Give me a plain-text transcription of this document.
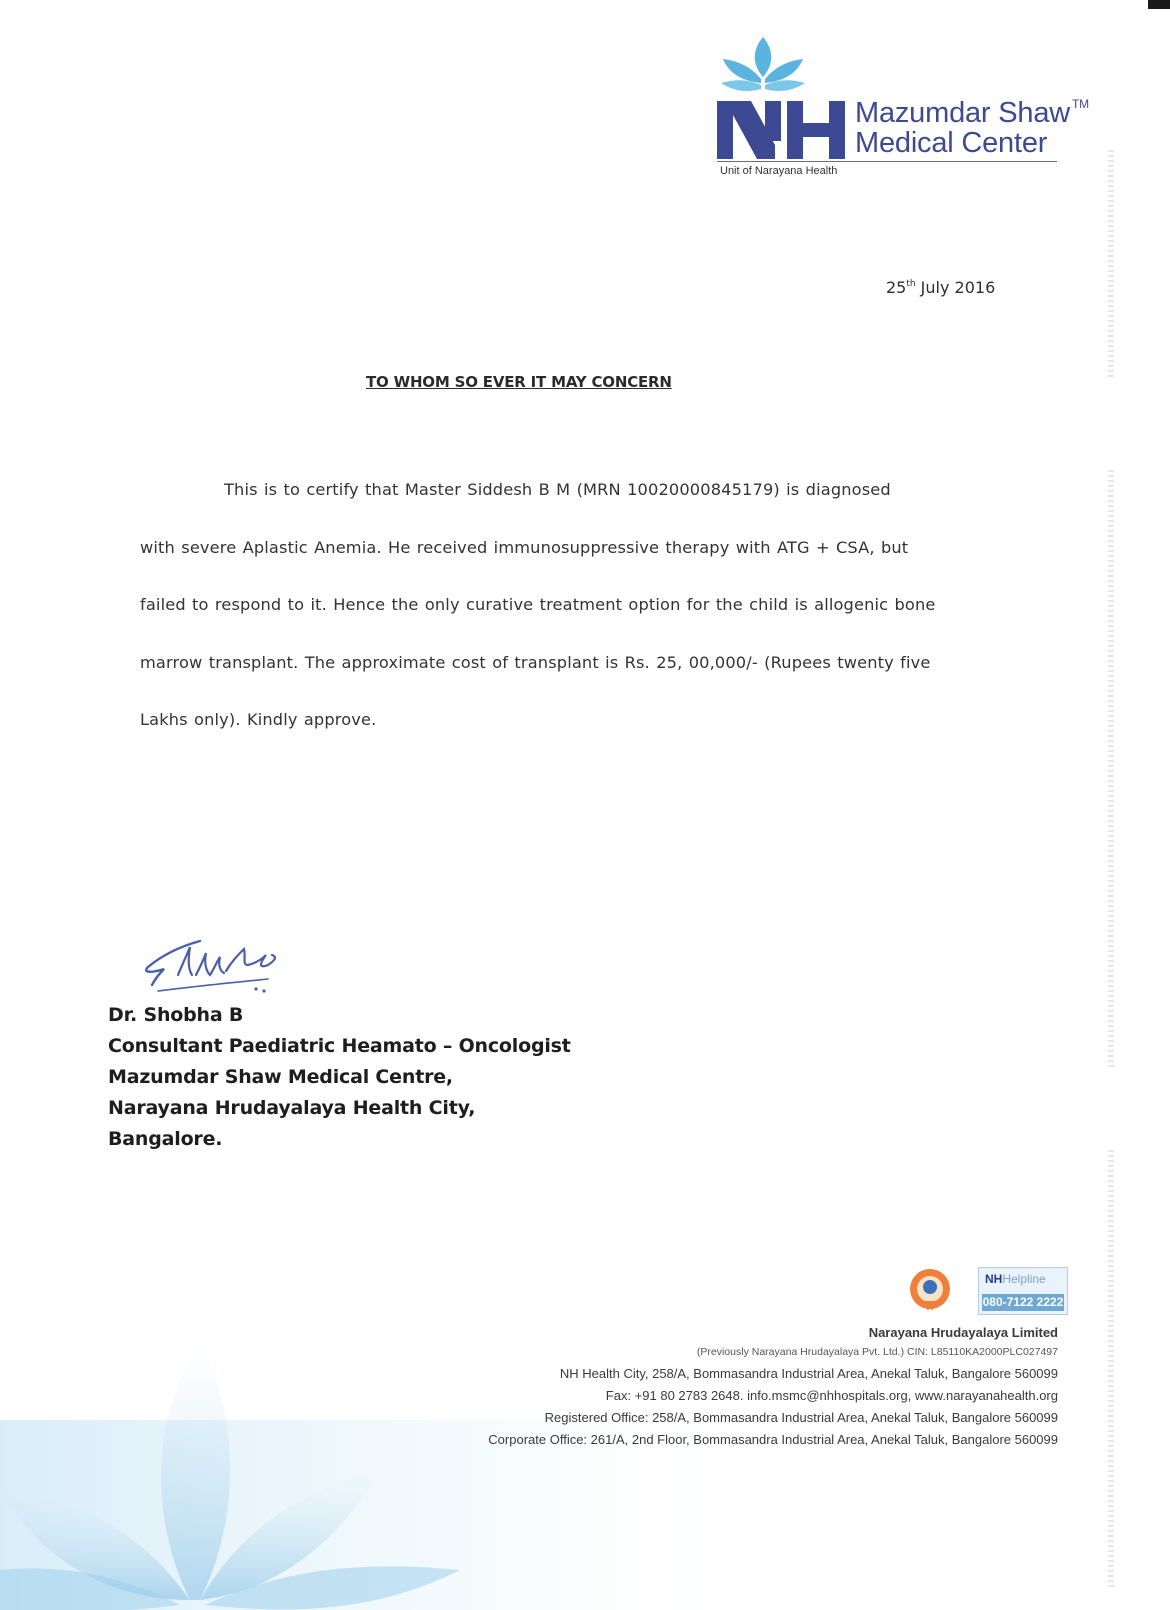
Mazumdar Shaw ™
Medical Center
Unit of Narayana Health
25th July 2016
TO WHOM SO EVER IT MAY CONCERN
This is to certify that Master Siddesh B M (MRN 10020000845179) is diagnosed
with severe Aplastic Anemia. He received immunosuppressive therapy with ATG + CSA, but
failed to respond to it. Hence the only curative treatment option for the child is allogenic bone
marrow transplant. The approximate cost of transplant is Rs. 25, 00,000/- (Rupees twenty five
Lakhs only). Kindly approve.
Dr. Shobha B
Consultant Paediatric Heamato – Oncologist
Mazumdar Shaw Medical Centre,
Narayana Hrudayalaya Health City,
Bangalore.
NHHelpline
080-7122 2222
Narayana Hrudayalaya Limited
(Previously Narayana Hrudayalaya Pvt. Ltd.) CIN: L85110KA2000PLC027497
NH Health City, 258/A, Bommasandra Industrial Area, Anekal Taluk, Bangalore 560099
Fax: +91 80 2783 2648. info.msmc@nhhospitals.org, www.narayanahealth.org
Registered Office: 258/A, Bommasandra Industrial Area, Anekal Taluk, Bangalore 560099
Corporate Office: 261/A, 2nd Floor, Bommasandra Industrial Area, Anekal Taluk, Bangalore 560099
